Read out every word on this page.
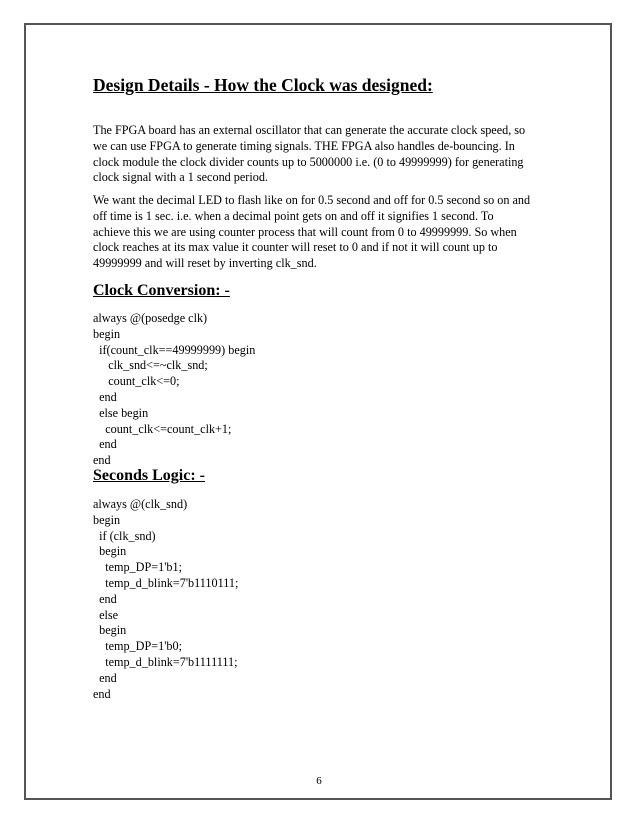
Design Details - How the Clock was designed:
The FPGA board has an external oscillator that can generate the accurate clock speed, so
we can use FPGA to generate timing signals. THE FPGA also handles de-bouncing. In
clock module the clock divider counts up to 5000000 i.e. (0 to 49999999) for generating
clock signal with a 1 second period.
We want the decimal LED to flash like on for 0.5 second and off for 0.5 second so on and
off time is 1 sec. i.e. when a decimal point gets on and off it signifies 1 second. To
achieve this we are using counter process that will count from 0 to 49999999. So when
clock reaches at its max value it counter will reset to 0 and if not it will count up to
49999999 and will reset by inverting clk_snd.
Clock Conversion: -
always @(posedge clk)
begin
if(count_clk==49999999) begin
clk_snd<=~clk_snd;
count_clk<=0;
end
else begin
count_clk<=count_clk+1;
end
end
Seconds Logic: -
always @(clk_snd)
begin
if (clk_snd)
begin
temp_DP=1'b1;
temp_d_blink=7'b1110111;
end
else
begin
temp_DP=1'b0;
temp_d_blink=7'b1111111;
end
end
6
